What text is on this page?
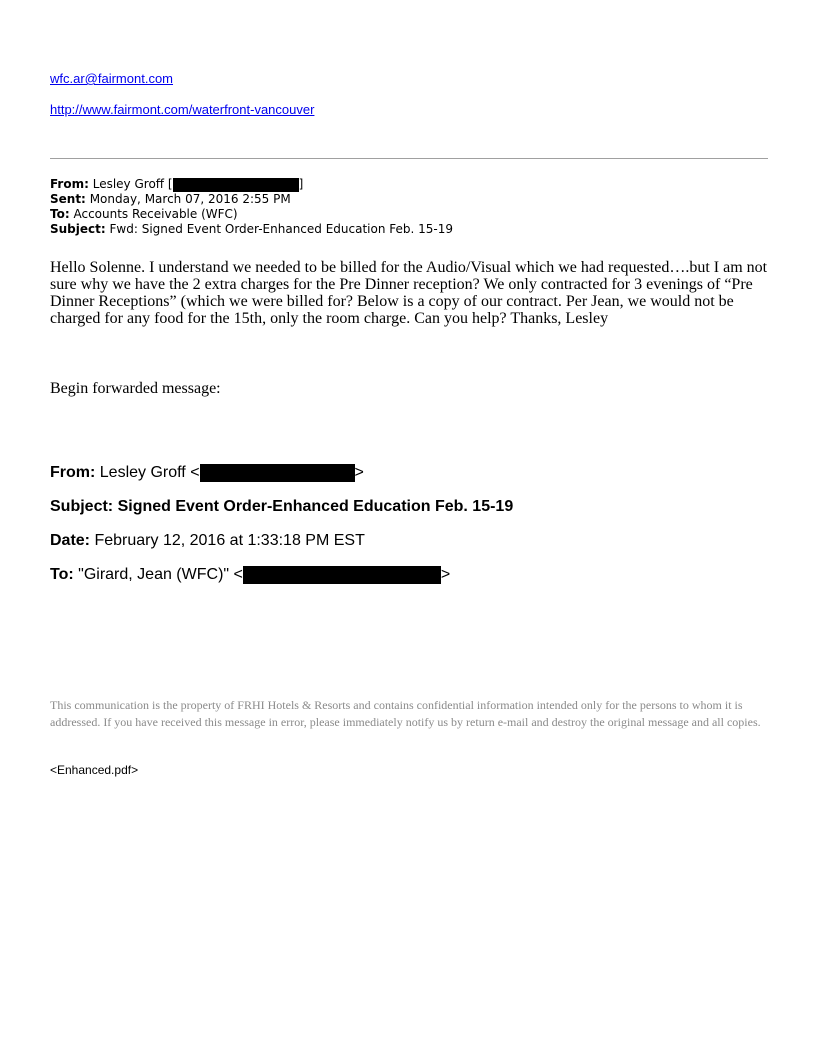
wfc.ar@fairmont.com
http://www.fairmont.com/waterfront-vancouver
From: Lesley Groff [	]
Sent: Monday, March 07, 2016 2:55 PM
To: Accounts Receivable (WFC)
Subject: Fwd: Signed Event Order-Enhanced Education Feb. 15-19
Hello Solenne. I understand we needed to be billed for the Audio/Visual which we had requested….but I am not sure why we have the 2 extra charges for the Pre Dinner reception? We only contracted for 3 evenings of “Pre Dinner Receptions” (which we were billed for? Below is a copy of our contract. Per Jean, we would not be charged for any food for the 15th, only the room charge. Can you help? Thanks, Lesley
Begin forwarded message:
From: Lesley Groff <	>
Subject: Signed Event Order-Enhanced Education Feb. 15-19
Date: February 12, 2016 at 1:33:18 PM EST
To: "Girard, Jean (WFC)" <	>
This communication is the property of FRHI Hotels & Resorts and contains confidential information intended only for the persons to whom it is addressed. If you have received this message in error, please immediately notify us by return e-mail and destroy the original message and all copies.
<Enhanced.pdf>
